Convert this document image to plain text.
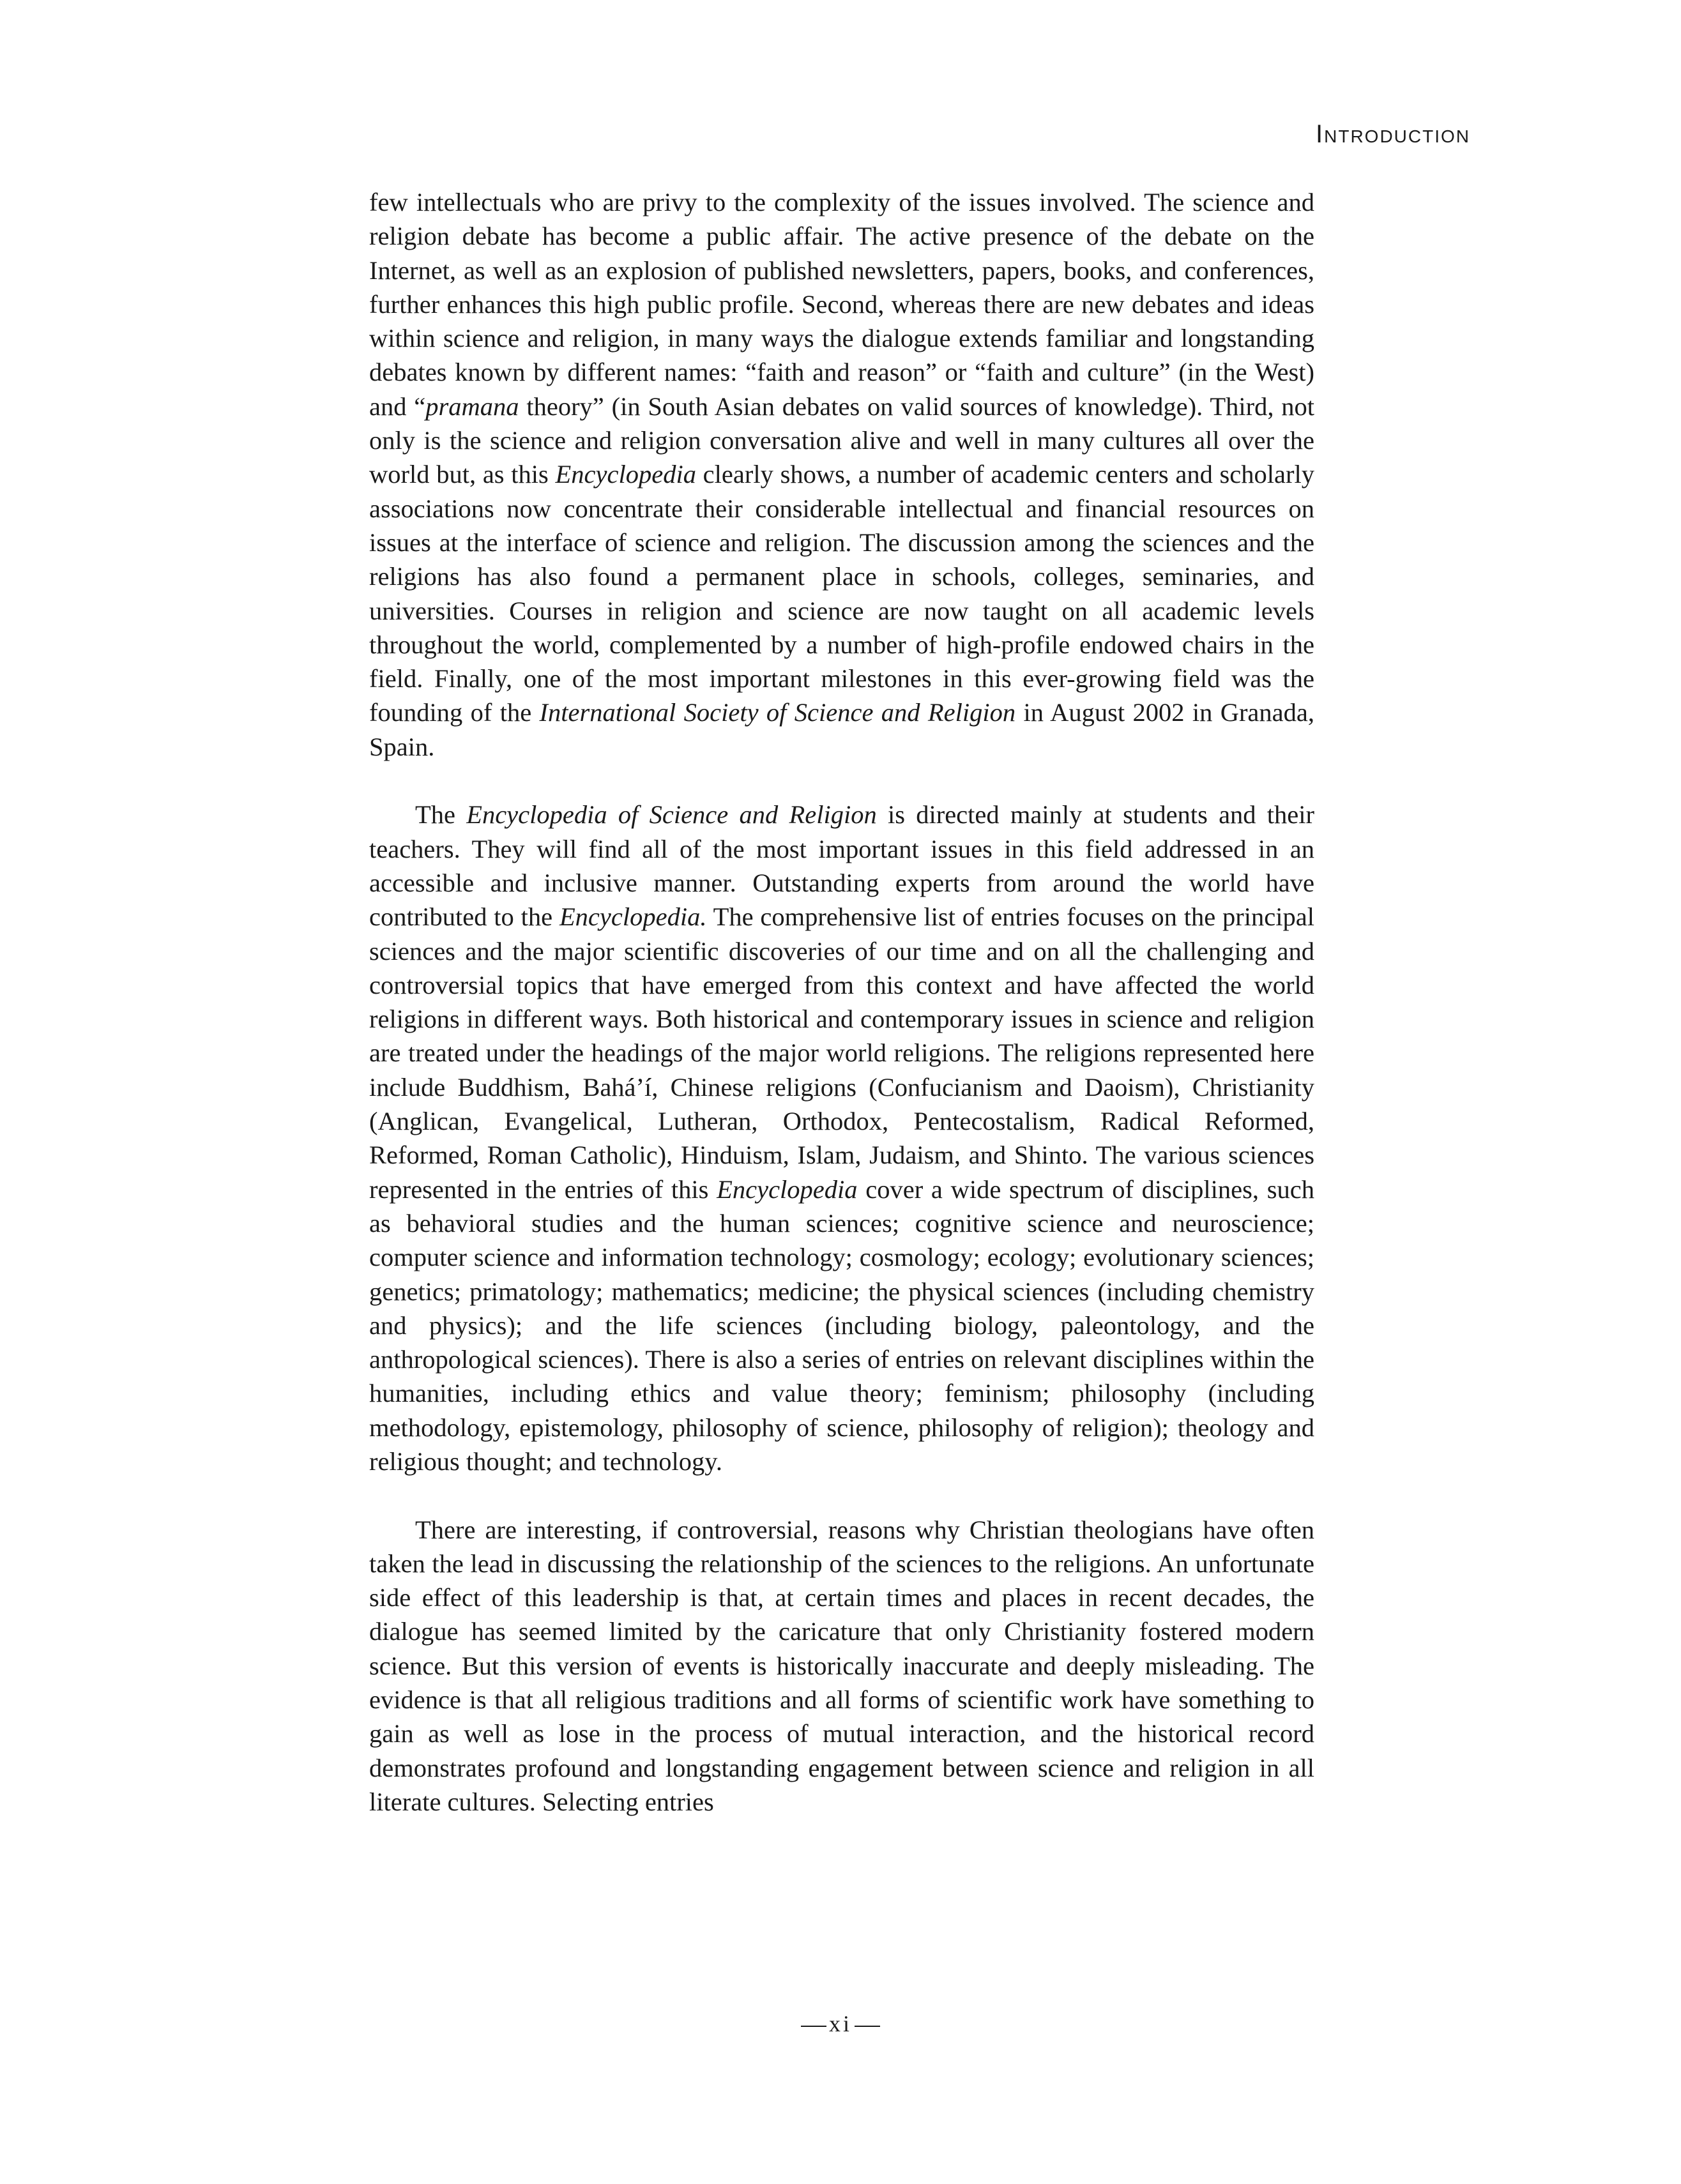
Introduction

few intellectuals who are privy to the complexity of the issues involved. The science and religion debate has become a public affair. The active presence of the debate on the Internet, as well as an explosion of published newsletters, papers, books, and conferences, further enhances this high public profile. Second, whereas there are new debates and ideas within science and religion, in many ways the dialogue extends familiar and longstanding debates known by different names: “faith and reason” or “faith and culture” (in the West) and “pramana theory” (in South Asian debates on valid sources of knowledge). Third, not only is the science and religion conversation alive and well in many cultures all over the world but, as this Encyclopedia clearly shows, a number of academic centers and scholarly associations now concentrate their considerable intellectual and financial resources on issues at the interface of science and religion. The discussion among the sciences and the religions has also found a permanent place in schools, colleges, seminaries, and universities. Courses in religion and science are now taught on all academic levels throughout the world, complemented by a number of high-profile endowed chairs in the field. Finally, one of the most important milestones in this ever-growing field was the founding of the International Society of Science and Religion in August 2002 in Granada, Spain.

The Encyclopedia of Science and Religion is directed mainly at students and their teachers. They will find all of the most important issues in this field addressed in an accessible and inclusive manner. Outstanding experts from around the world have contributed to the Encyclopedia. The comprehensive list of entries focuses on the principal sciences and the major scientific discoveries of our time and on all the challenging and controversial topics that have emerged from this context and have affected the world religions in different ways. Both historical and contemporary issues in science and religion are treated under the headings of the major world religions. The religions represented here include Buddhism, Bahá’í, Chinese religions (Confucianism and Daoism), Christianity (Anglican, Evangelical, Lutheran, Orthodox, Pentecostalism, Radical Reformed, Reformed, Roman Catholic), Hinduism, Islam, Judaism, and Shinto. The various sciences represented in the entries of this Encyclopedia cover a wide spectrum of disciplines, such as behavioral studies and the human sciences; cognitive science and neuroscience; computer science and information technology; cosmology; ecology; evolutionary sciences; genetics; primatology; mathematics; medicine; the physical sciences (including chemistry and physics); and the life sciences (including biology, paleontology, and the anthropological sciences). There is also a series of entries on relevant disciplines within the humanities, including ethics and value theory; feminism; philosophy (including methodology, epistemology, philosophy of science, philosophy of religion); theology and religious thought; and technology.

There are interesting, if controversial, reasons why Christian theologians have often taken the lead in discussing the relationship of the sciences to the religions. An unfortunate side effect of this leadership is that, at certain times and places in recent decades, the dialogue has seemed limited by the caricature that only Christianity fostered modern science. But this version of events is historically inaccurate and deeply misleading. The evidence is that all religious traditions and all forms of scientific work have something to gain as well as lose in the process of mutual interaction, and the historical record demonstrates profound and longstanding engagement between science and religion in all literate cultures. Selecting entries

xi
